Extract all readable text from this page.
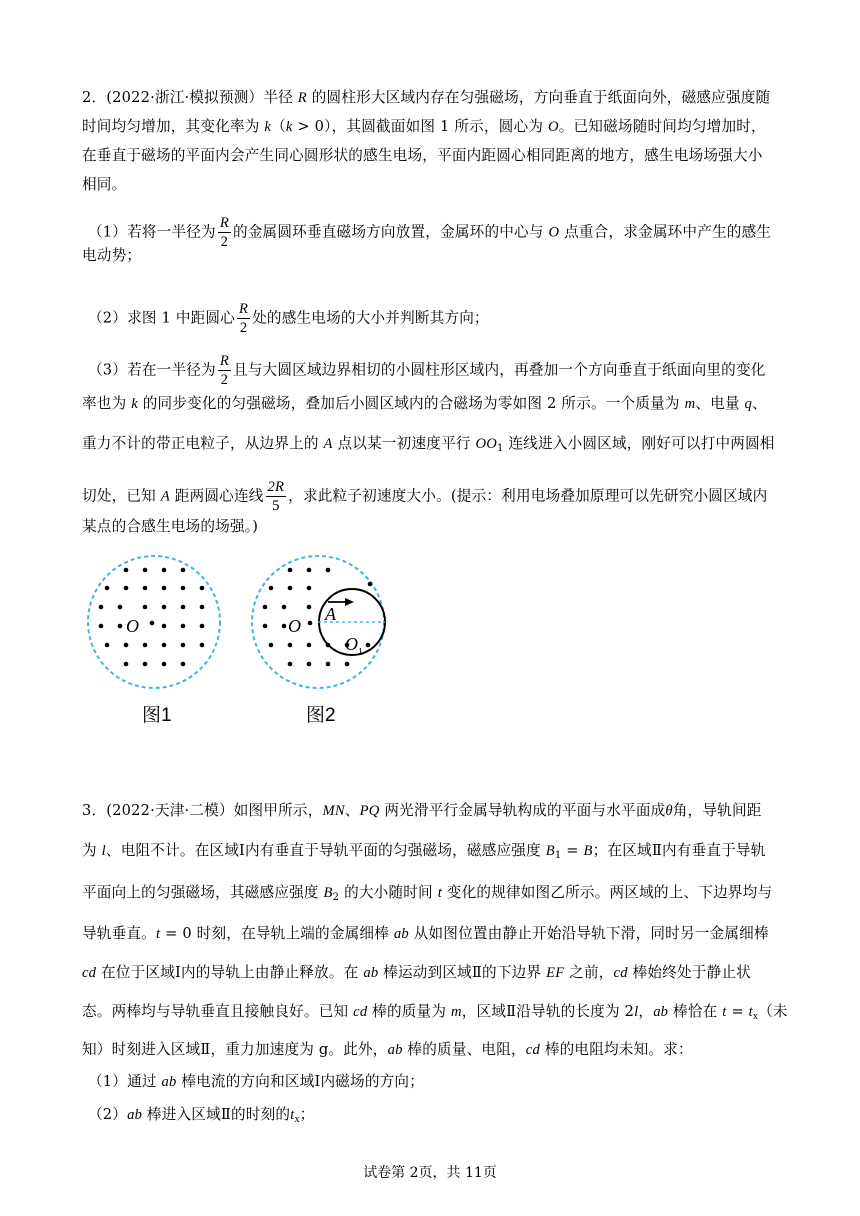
2．(2022·浙江·模拟预测）半径 R 的圆柱形大区域内存在匀强磁场，方向垂直于纸面向外，磁感应强度随
时间均匀增加，其变化率为 k（k > 0），其圆截面如图 1 所示，圆心为 O。已知磁场随时间均匀增加时，
在垂直于磁场的平面内会产生同心圆形状的感生电场，平面内距圆心相同距离的地方，感生电场场强大小
相同。
（1）若将一半径为 $\frac{R}{2}$ 的金属圆环垂直磁场方向放置，金属环的中心与 O 点重合，求金属环中产生的感生
电动势；
（2）求图 1 中距圆心 $\frac{R}{2}$ 处的感生电场的大小并判断其方向；
（3）若在一半径为 $\frac{R}{2}$ 且与大圆区域边界相切的小圆柱形区域内，再叠加一个方向垂直于纸面向里的变化
率也为 k 的同步变化的匀强磁场，叠加后小圆区域内的合磁场为零如图 2 所示。一个质量为 m、电量 q、
重力不计的带正电粒子，从边界上的 A 点以某一初速度平行 $OO_1$ 连线进入小圆区域，刚好可以打中两圆相
切处，已知 A 距两圆心连线 $\frac{2R}{5}$ ，求此粒子初速度大小。(提示：利用电场叠加原理可以先研究小圆区域内
某点的合感生电场的场强。)
O	O
A
O 1
图1	图2
3．(2022·天津·二模）如图甲所示，MN、PQ 两光滑平行金属导轨构成的平面与水平面成θ角，导轨间距
为 l、电阻不计。在区域Ⅰ内有垂直于导轨平面的匀强磁场，磁感应强度 $B_1 = B$；在区域Ⅱ内有垂直于导轨
平面向上的匀强磁场，其磁感应强度 $B_2$ 的大小随时间 t 变化的规律如图乙所示。两区域的上、下边界均与
导轨垂直。t = 0 时刻，在导轨上端的金属细棒 ab 从如图位置由静止开始沿导轨下滑，同时另一金属细棒
cd 在位于区域Ⅰ内的导轨上由静止释放。在 ab 棒运动到区域Ⅱ的下边界 EF 之前，cd 棒始终处于静止状
态。两棒均与导轨垂直且接触良好。已知 cd 棒的质量为 m，区域Ⅱ沿导轨的长度为 2l，ab 棒恰在 $t = t_x$（未
知）时刻进入区域Ⅱ，重力加速度为 g。此外，ab 棒的质量、电阻，cd 棒的电阻均未知。求：
（1）通过 ab 棒电流的方向和区域Ⅰ内磁场的方向；
（2）ab 棒进入区域Ⅱ的时刻的$t_x$；
试卷第 2页，共 11页
